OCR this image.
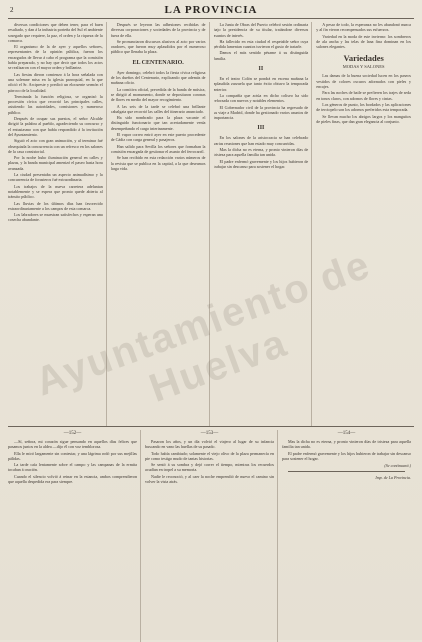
2	LA PROVINCIA

diversas condiciones que deben tener, para el buen resultado, y dan á la industria porteña del Sul el ambiente sosegado que requiere, la paz, el orden y la riqueza de la comarca.

El organismo de la de ayer y aquellos señores, representantes de la opinión pública, fueron los encargados de llevar á cabo el programa que la comisión había preparado, y no hay que decir que todos los actos se realizaron con el mayor orden y brillantez.

Las fiestas dieron comienzo á la hora señalada con una solemne misa en la iglesia parroquial, en la que ofició el Sr. Arcipreste y predicó un elocuente sermón el párroco de la localidad.

Terminada la función religiosa, se organizó la procesión cívica que recorrió las principales calles, asistiendo las autoridades, comisiones y numeroso público.

Después de ocupar sus puestos, el señor Alcalde dirigió la palabra al pueblo, agradeciendo su concurso y el entusiasmo con que había respondido á la invitación del Ayuntamiento.

Siguió el acto con gran animación, y al terminar fué obsequiada la concurrencia con un refresco en los salones de la casa consistorial.

Por la noche hubo iluminación general en calles y plazas, y la banda municipal amenizó el paseo hasta hora avanzada.

La ciudad presentaba un aspecto animadísimo y la concurrencia de forasteros fué extraordinaria.

Los trabajos de la nueva carretera adelantan notablemente y se espera que pronto quede abierta al tránsito público.

Las lluvias de los últimos días han favorecido extraordinariamente a los campos de esta comarca.

Los labradores se muestran satisfechos y esperan una cosecha abundante.

Después se leyeron las adhesiones recibidas de diversas corporaciones y sociedades de la provincia y de fuera de ella.

Se pronunciaron discursos alusivos al acto por varios oradores, que fueron muy aplaudidos por el numeroso público que llenaba la plaza.

EL CENTENARIO.

Ayer domingo, celebró todos la fiesta cívica religiosa de los dueños del Centenario, explicando que además de mañana oficio.

La comitiva oficial, precedida de la banda de música, se dirigió al monumento, donde se depositaron coronas de flores en medio del mayor recogimiento.

A las seis de la tarde se celebró una brillante cabalgata que recorrió las calles del itinerario anunciado.

Ha sido nombrado para la plaza vacante el distinguido funcionario que tan acertadamente venía desempeñando el cargo interinamente.

El vapor correo entró ayer en este puerto procedente de Cádiz con carga general y pasajeros.

Han salido para Sevilla los señores que formaban la comisión encargada de gestionar el asunto del ferrocarril.

Se han recibido en esta redacción varios números de la revista que se publica en la capital, a la que deseamos larga vida.

La Junta de Obras del Puerto celebró sesión ordinaria bajo la presidencia de su titular, tratándose diversos asuntos de interés.

Ha fallecido en esta ciudad el respetable señor cuya pérdida lamentan cuantos tuvieron el gusto de tratarle.

Damos el más sentido pésame á su distinguida familia.

II

En el teatro Colón se pondrá en escena mañana la aplaudida zarzuela que tanto éxito obtuvo la temporada anterior.

La compañía que actúa en dicho coliseo ha sido reforzada con nuevos y notables elementos.

El Gobernador civil de la provincia ha regresado de su viaje a Madrid, donde ha gestionado varios asuntos de importancia.

III

En los salones de la aristocracia se han celebrado varias reuniones que han estado muy concurridas.

Mas la dicha no es eterna, y pronto vinieron días de tristeza para aquella familia tan unida.

El padre enfermó gravemente y los hijos hubieron de trabajar sin descanso para sostener el hogar.

A pesar de todo, la esperanza no les abandonó nunca y al fin vieron recompensados sus esfuerzos.

Variedad en la moda de este invierno: los sombreros de ala ancha y las telas de lana fina dominan en los salones elegantes.

Variedades
MODAS Y SALONES

Las damas de la buena sociedad lucen en los paseos vestidos de colores oscuros adornados con pieles y encajes.

Para las noches de baile se prefieren los trajes de seda en tonos claros, con adornos de flores y cintas.

Los géneros de punto, los bordados y las aplicaciones de terciopelo son los adornos preferidos esta temporada.

Se llevan mucho los abrigos largos y los manguitos de pieles finas, que dan gran elegancia al conjunto.

—152—

—Sí, señora, mi corazón sigue pensando en aquellos días felices que pasamos juntos en la aldea —dijo él con voz temblorosa.

Ella le miró largamente sin contestar, y una lágrima rodó por sus mejillas pálidas.

La tarde caía lentamente sobre el campo y las campanas de la ermita tocaban á oración.

Cuando el silencio volvió á reinar en la estancia, ambos comprendieron que aquella despedida era para siempre.

—153—

Pasaron los años, y un día volvió el viajero al lugar de su infancia buscando en vano las huellas de su pasado.

Todo había cambiado; solamente el viejo olivo de la plaza permanecía en pie como testigo mudo de tantas historias.

Se sentó á su sombra y dejó correr el tiempo, mientras los recuerdos acudían en tropel a su memoria.

Nadie le reconoció, y al caer la noche emprendió de nuevo el camino sin volver la vista atrás.

—154—

Mas la dicha no es eterna, y pronto vinieron días de tristeza para aquella familia tan unida.

El padre enfermó gravemente y los hijos hubieron de trabajar sin descanso para sostener el hogar.

(Se continuará.)

Imp. de La Provincia.

Ayuntamiento de Huelva
